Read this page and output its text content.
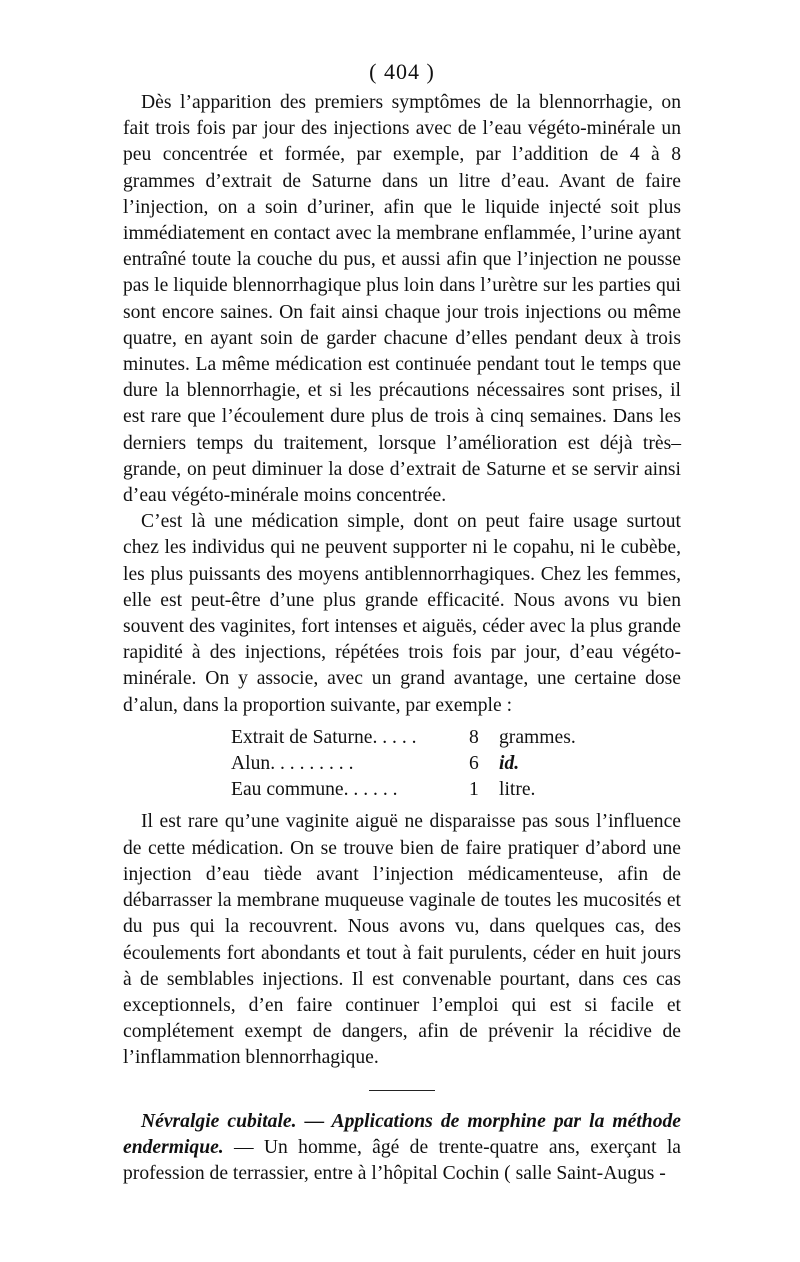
( 404 )

Dès l’apparition des premiers symptômes de la blennorrhagie, on fait trois fois par jour des injections avec de l’eau végéto-minérale un peu concentrée et formée, par exemple, par l’addition de 4 à 8 grammes d’extrait de Saturne dans un litre d’eau. Avant de faire l’injection, on a soin d’uriner, afin que le liquide injecté soit plus immédiatement en contact avec la membrane enflammée, l’urine ayant entraîné toute la couche du pus, et aussi afin que l’injection ne pousse pas le liquide blennorrhagique plus loin dans l’urètre sur les parties qui sont encore saines. On fait ainsi chaque jour trois injections ou même quatre, en ayant soin de garder chacune d’elles pendant deux à trois minutes. La même médication est continuée pendant tout le temps que dure la blennorrhagie, et si les précautions nécessaires sont prises, il est rare que l’écoulement dure plus de trois à cinq semaines. Dans les derniers temps du traitement, lorsque l’amélioration est déjà très–grande, on peut diminuer la dose d’extrait de Saturne et se servir ainsi d’eau végéto-minérale moins concentrée.

C’est là une médication simple, dont on peut faire usage surtout chez les individus qui ne peuvent supporter ni le copahu, ni le cubèbe, les plus puissants des moyens antiblennorrhagiques. Chez les femmes, elle est peut-être d’une plus grande efficacité. Nous avons vu bien souvent des vaginites, fort intenses et aiguës, céder avec la plus grande rapidité à des injections, répétées trois fois par jour, d’eau végéto-minérale. On y associe, avec un grand avantage, une certaine dose d’alun, dans la proportion suivante, par exemple :

Extrait de Saturne. . . . .	8	grammes.
Alun. . . . . . . . .	6	id.
Eau commune. . . . . .	1	litre.

Il est rare qu’une vaginite aiguë ne disparaisse pas sous l’influence de cette médication. On se trouve bien de faire pratiquer d’abord une injection d’eau tiède avant l’injection médicamenteuse, afin de débarrasser la membrane muqueuse vaginale de toutes les mucosités et du pus qui la recouvrent. Nous avons vu, dans quelques cas, des écoulements fort abondants et tout à fait purulents, céder en huit jours à de semblables injections. Il est convenable pourtant, dans ces cas exceptionnels, d’en faire continuer l’emploi qui est si facile et complétement exempt de dangers, afin de prévenir la récidive de l’inflammation blennorrhagique.

Névralgie cubitale. — Applications de morphine par la méthode endermique. — Un homme, âgé de trente-quatre ans, exerçant la profession de terrassier, entre à l’hôpital Cochin ( salle Saint-Augus -
